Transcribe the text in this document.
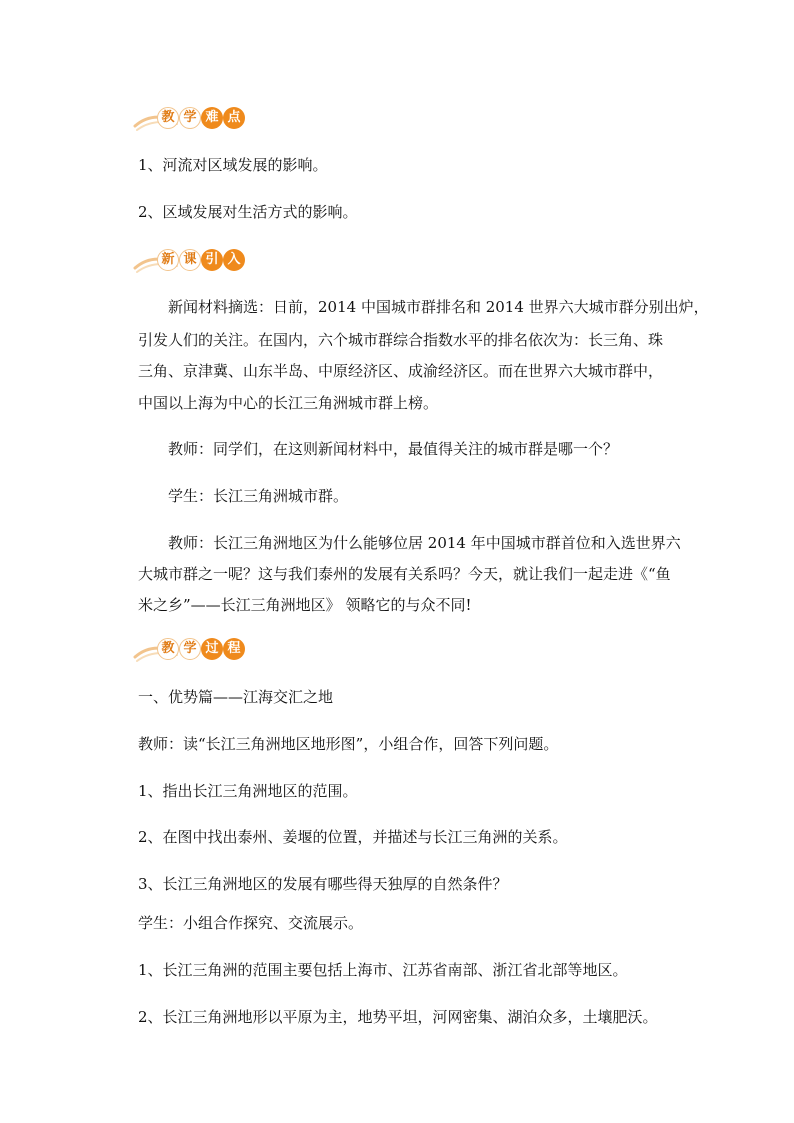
教 学 难 点

1、河流对区域发展的影响。

2、区域发展对生活方式的影响。

新 课 引 入

新闻材料摘选：日前，2014 中国城市群排名和 2014 世界六大城市群分别出炉，

引发人们的关注。在国内，六个城市群综合指数水平的排名依次为：长三角、珠

三角、京津冀、山东半岛、中原经济区、成渝经济区。而在世界六大城市群中，

中国以上海为中心的长江三角洲城市群上榜。

教师：同学们，在这则新闻材料中，最值得关注的城市群是哪一个？

学生：长江三角洲城市群。

教师：长江三角洲地区为什么能够位居 2014 年中国城市群首位和入选世界六

大城市群之一呢？这与我们泰州的发展有关系吗？今天，就让我们一起走进《“鱼

米之乡”——长江三角洲地区》 领略它的与众不同!

教 学 过 程

一、优势篇——江海交汇之地

教师：读“长江三角洲地区地形图”，小组合作，回答下列问题。

1、指出长江三角洲地区的范围。

2、在图中找出泰州、姜堰的位置，并描述与长江三角洲的关系。

3、长江三角洲地区的发展有哪些得天独厚的自然条件？

学生：小组合作探究、交流展示。

1、长江三角洲的范围主要包括上海市、江苏省南部、浙江省北部等地区。

2、长江三角洲地形以平原为主，地势平坦，河网密集、湖泊众多，土壤肥沃。
